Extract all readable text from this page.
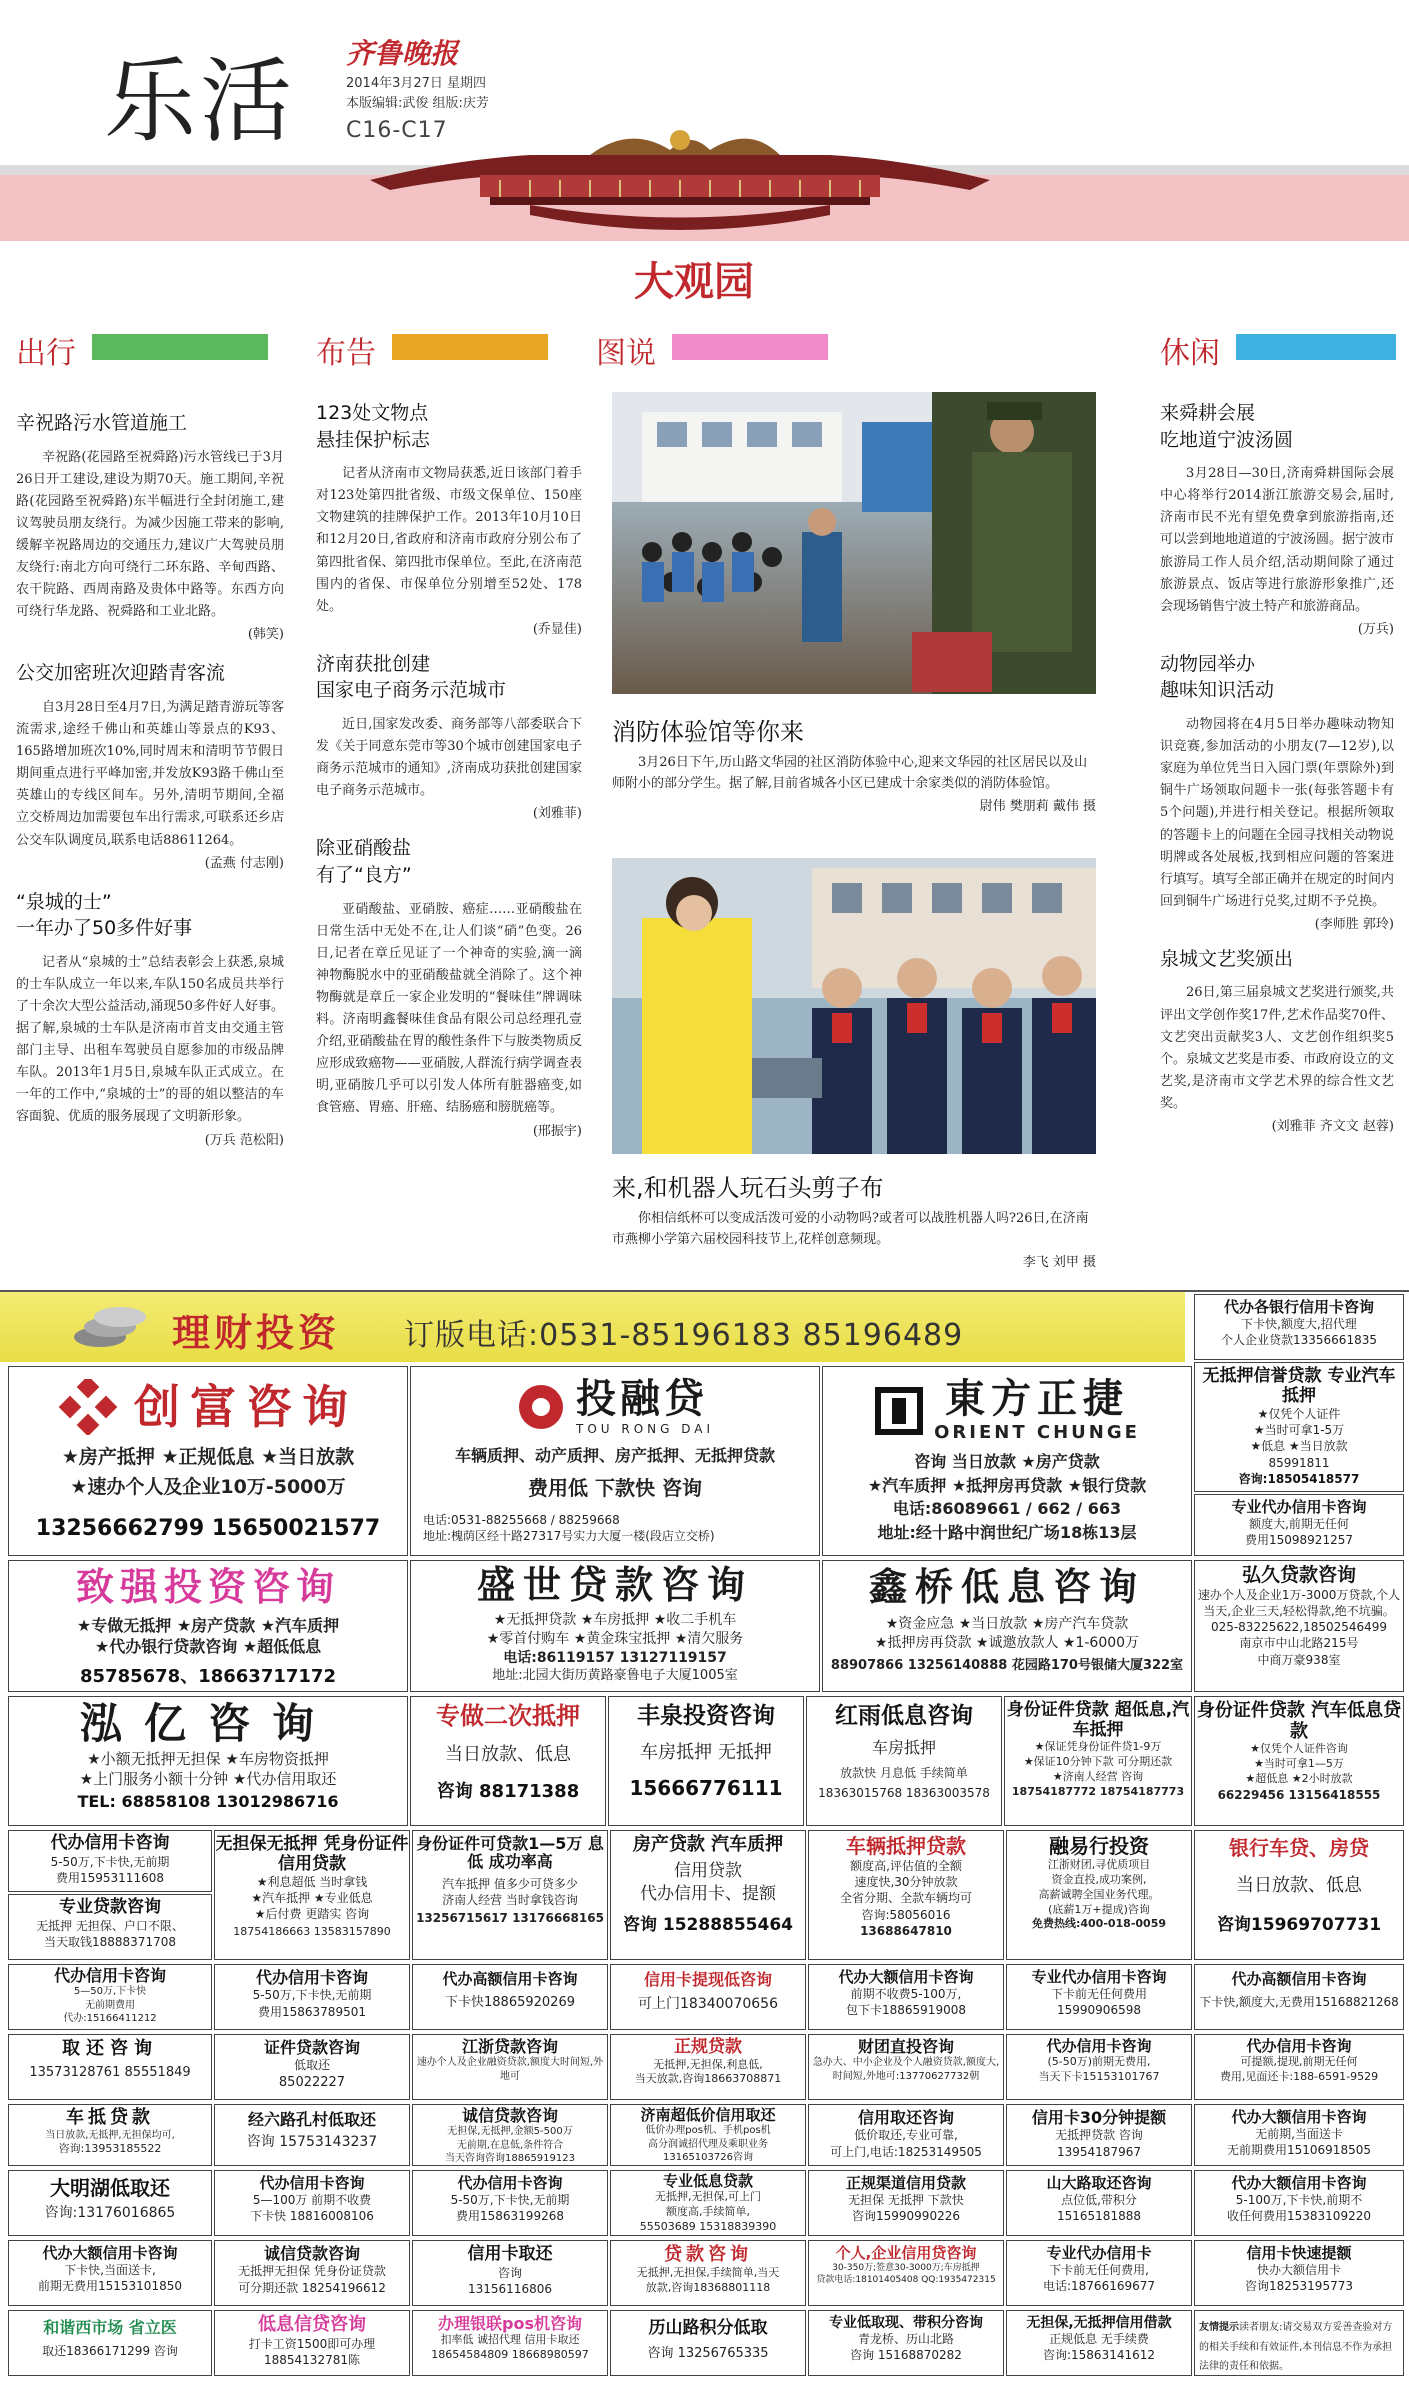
乐活 齐鲁晚报
2014年3月27日 星期四
本版编辑:武俊 组版:庆芳
C16-C17
大观园
出行	布告	图说	休闲
辛祝路污水管道施工

辛祝路(花园路至祝舜路)污水管线已于3月26日开工建设,建设为期70天。施工期间,辛祝路(花园路至祝舜路)东半幅进行全封闭施工,建议驾驶员朋友绕行。为减少因施工带来的影响,缓解辛祝路周边的交通压力,建议广大驾驶员朋友绕行:南北方向可绕行二环东路、辛甸西路、农干院路、西周南路及贵体中路等。东西方向可绕行华龙路、祝舜路和工业北路。

(韩笑)
公交加密班次迎踏青客流

自3月28日至4月7日,为满足踏青游玩等客流需求,途经千佛山和英雄山等景点的K93、165路增加班次10%,同时周末和清明节节假日期间重点进行平峰加密,并发放K93路千佛山至英雄山的专线区间车。另外,清明节期间,全福立交桥周边加需要包车出行需求,可联系还乡店公交车队调度员,联系电话88611264。

(孟燕 付志刚)
“泉城的士”
一年办了50多件好事

记者从“泉城的士”总结表彰会上获悉,泉城的士车队成立一年以来,车队150名成员共举行了十余次大型公益活动,涌现50多件好人好事。据了解,泉城的士车队是济南市首支由交通主管部门主导、出租车驾驶员自愿参加的市级品牌车队。2013年1月5日,泉城车队正式成立。在一年的工作中,“泉城的士”的哥的姐以整洁的车容面貌、优质的服务展现了文明新形象。

(万兵 范松阳)
123处文物点
悬挂保护标志

记者从济南市文物局获悉,近日该部门着手对123处第四批省级、市级文保单位、150座文物建筑的挂牌保护工作。2013年10月10日和12月20日,省政府和济南市政府分别公布了第四批省保、第四批市保单位。至此,在济南范围内的省保、市保单位分别增至52处、178处。

(乔显佳)
济南获批创建
国家电子商务示范城市

近日,国家发改委、商务部等八部委联合下发《关于同意东莞市等30个城市创建国家电子商务示范城市的通知》,济南成功获批创建国家电子商务示范城市。

(刘雅菲)
除亚硝酸盐
有了“良方”

亚硝酸盐、亚硝胺、癌症……亚硝酸盐在日常生活中无处不在,让人们谈“硝”色变。26日,记者在章丘见证了一个神奇的实验,滴一滴神物酶脱水中的亚硝酸盐就全消除了。这个神物酶就是章丘一家企业发明的“餐味佳”牌调味料。济南明鑫餐味佳食品有限公司总经理孔壹介绍,亚硝酸盐在胃的酸性条件下与胺类物质反应形成致癌物——亚硝胺,人群流行病学调查表明,亚硝胺几乎可以引发人体所有脏器癌变,如食管癌、胃癌、肝癌、结肠癌和膀胱癌等。

(邢振宇)
消防体验馆等你来

3月26日下午,历山路文华园的社区消防体验中心,迎来文华园的社区居民以及山师附小的部分学生。据了解,目前省城各小区已建成十余家类似的消防体验馆。

尉伟 樊朋莉 戴伟 摄
来,和机器人玩石头剪子布

你相信纸杯可以变成活泼可爱的小动物吗?或者可以战胜机器人吗?26日,在济南市燕柳小学第六届校园科技节上,花样创意频现。

李飞 刘甲 摄
来舜耕会展
吃地道宁波汤圆

3月28日—30日,济南舜耕国际会展中心将举行2014浙江旅游交易会,届时,济南市民不光有望免费拿到旅游指南,还可以尝到地地道道的宁波汤圆。据宁波市旅游局工作人员介绍,活动期间除了通过旅游景点、饭店等进行旅游形象推广,还会现场销售宁波土特产和旅游商品。

(万兵)
动物园举办
趣味知识活动

动物园将在4月5日举办趣味动物知识竞赛,参加活动的小朋友(7—12岁),以家庭为单位凭当日入园门票(年票除外)到铜牛广场领取问题卡一张(每张答题卡有5个问题),并进行相关登记。根据所领取的答题卡上的问题在全园寻找相关动物说明牌或各处展板,找到相应问题的答案进行填写。填写全部正确并在规定的时间内回到铜牛广场进行兑奖,过期不予兑换。

(李师胜 郭玲)
泉城文艺奖颁出

26日,第三届泉城文艺奖进行颁奖,共评出文学创作奖17件,艺术作品奖70件、文艺突出贡献奖3人、文艺创作组织奖5个。泉城文艺奖是市委、市政府设立的文艺奖,是济南市文学艺术界的综合性文艺奖。

(刘雅菲 齐文文 赵蓉)
理财投资 订版电话:0531-85196183 85196489
创富咨询
★房产抵押 ★正规低息 ★当日放款
★速办个人及企业10万-5000万
13256662799 15650021577
投融贷
TOU RONG DAI
车辆质押、动产质押、房产抵押、无抵押贷款
费用低 下款快 咨询
电话:0531-88255668 / 88259668
地址:槐荫区经十路27317号实力大厦一楼(段店立交桥)
東方正捷
ORIENT CHUNGE
咨询 当日放款 ★房产贷款
★汽车质押 ★抵押房再贷款 ★银行贷款
电话:86089661 / 662 / 663
地址:经十路中润世纪广场18栋13层
代办各银行信用卡咨询
下卡快,额度大,招代理
个人企业贷款13356661835
无抵押信誉贷款 专业汽车抵押
★仅凭个人证件
★当时可拿1-5万
★低息 ★当日放款
85991811
咨询:18505418577
专业代办信用卡咨询
额度大,前期无任何
费用15098921257
致强投资咨询
★专做无抵押 ★房产贷款 ★汽车质押
★代办银行贷款咨询 ★超低低息
85785678、18663717172
盛世贷款咨询
★无抵押贷款 ★车房抵押 ★收二手机车
★零首付购车 ★黄金珠宝抵押 ★清欠服务
电话:86119157 13127119157
地址:北园大街历黄路豪鲁电子大厦1005室
鑫桥低息咨询
★资金应急 ★当日放款 ★房产汽车贷款
★抵押房再贷款 ★诚邀放款人 ★1-6000万
88907866 13256140888 花园路170号银储大厦322室
弘久贷款咨询
速办个人及企业1万-3000万贷款,个人当天,企业三天,轻松得款,绝不坑骗。
025-83225622,18502546499
南京市中山北路215号
中商万豪938室
泓亿咨询
★小额无抵押无担保 ★车房物资抵押
★上门服务小额十分钟 ★代办信用取还
TEL: 68858108 13012986716
专做二次抵押
当日放款、低息
咨询 88171388
丰泉投资咨询
车房抵押 无抵押
15666776111
红雨低息咨询
车房抵押
放款快 月息低 手续简单
18363015768 18363003578
身份证件贷款 超低息,汽车抵押
★保证凭身份证件贷1-9万
★保证10分钟下款 可分期还款
★济南人经营 咨询
18754187772 18754187773
身份证件贷款 汽车低息贷款
★仅凭个人证件咨询
★当时可拿1—5万
★超低息 ★2小时放款
66229456 13156418555
代办信用卡咨询
5-50万,下卡快,无前期
费用15953111608
专业贷款咨询
无抵押 无担保、户口不限、
当天取钱18888371708
无担保无抵押 凭身份证件信用贷款
★利息超低 当时拿钱
★汽车抵押 ★专业低息
★后付费 更踏实 咨询
18754186663 13583157890
身份证件可贷款1—5万 息低 成功率高
汽车抵押 值多少可贷多少
济南人经营 当时拿钱咨询
13256715617 13176668165
房产贷款 汽车质押
信用贷款
代办信用卡、提额
咨询 15288855464
车辆抵押贷款
额度高,评估值的全额
速度快,30分钟放款
全省分期、全款车辆均可
咨询:58056016
13688647810
融易行投资
江浙财团,寻优质项目
资金直投,成功案例,
高薪诚聘全国业务代理。
(底薪1万+提成)咨询
免费热线:400-018-0059
银行车贷、房贷
当日放款、低息
咨询15969707731
代办信用卡咨询
5—50万,下卡快
无前期费用
代办:15166411212
代办信用卡咨询
5-50万,下卡快,无前期
费用15863789501
代办高额信用卡咨询
下卡快18865920269
信用卡提现低咨询
可上门18340070656
代办大额信用卡咨询
前期不收费5-100万,
包下卡18865919008
专业代办信用卡咨询
下卡前无任何费用
15990906598
代办高额信用卡咨询
下卡快,额度大,无费用15168821268
取还咨询
13573128761 85551849
证件贷款咨询
低取还
85022227
江浙贷款咨询
速办个人及企业融资贷款,额度大时间短,外地可
正规贷款
无抵押,无担保,利息低,
当天放款,咨询18663708871
财团直投咨询
急办大、中小企业及个人融资贷款,额度大,时间短,外地可:13770627732朝
代办信用卡咨询
(5-50万)前期无费用,
当天下卡15153101767
代办信用卡咨询
可提额,提现,前期无任何
费用,见面还卡:188-6591-9529
车抵贷款
当日放款,无抵押,无担保均可,
咨询:13953185522
经六路孔村低取还
咨询 15753143237
诚信贷款咨询
无担保,无抵押,金额5-500万
无前期,在息低,条件符合
当天咨询咨询18865919123
济南超低价信用取还
低价办理pos机、手机pos机
高分润诚招代理及乘职业务
13165103726咨询
信用取还咨询
低价取还,专业可靠,
可上门,电话:18253149505
信用卡30分钟提额
无抵押贷款 咨询
13954187967
代办大额信用卡咨询
无前期,当面送卡
无前期费用15106918505
大明湖低取还
咨询:13176016865
代办信用卡咨询
5—100万 前期不收费
下卡快 18816008106
代办信用卡咨询
5-50万,下卡快,无前期
费用15863199268
专业低息贷款
无抵押,无担保,可上门
额度高,手续简单,
55503689 15318839390
正规渠道信用贷款
无担保 无抵押 下款快
咨询15990990226
山大路取还咨询
点位低,带积分
15165181888
代办大额信用卡咨询
5-100万,下卡快,前期不
收任何费用15383109220
代办大额信用卡咨询
下卡快,当面送卡,
前期无费用15153101850
诚信贷款咨询
无抵押无担保 凭身份证贷款
可分期还款 18254196612
信用卡取还
咨询
13156116806
贷款咨询
无抵押,无担保,手续简单,当天
放款,咨询18368801118
个人,企业信用贷咨询
30-350万;签意30-3000万;车房抵押
贷款电话:18101405408 QQ:1935472315
专业代办信用卡
下卡前无任何费用,
电话:18766169677
信用卡快速提额
快办大额信用卡
咨询18253195773
和谐西市场 省立医
取还18366171299 咨询
低息信贷咨询
打卡工资1500即可办理
18854132781陈
办理银联pos机咨询
扣率低 诚招代理 信用卡取还
18654584809 18668980597
历山路积分低取
咨询 13256765335
专业低取现、带积分咨询
青龙桥、历山北路
咨询 15168870282
无担保,无抵押信用借款
正规低息 无手续费
咨询:15863141612
友情提示读者朋友:请交易双方妥善查验对方的相关手续和有效证件,本刊信息不作为承担法律的责任和依据。
